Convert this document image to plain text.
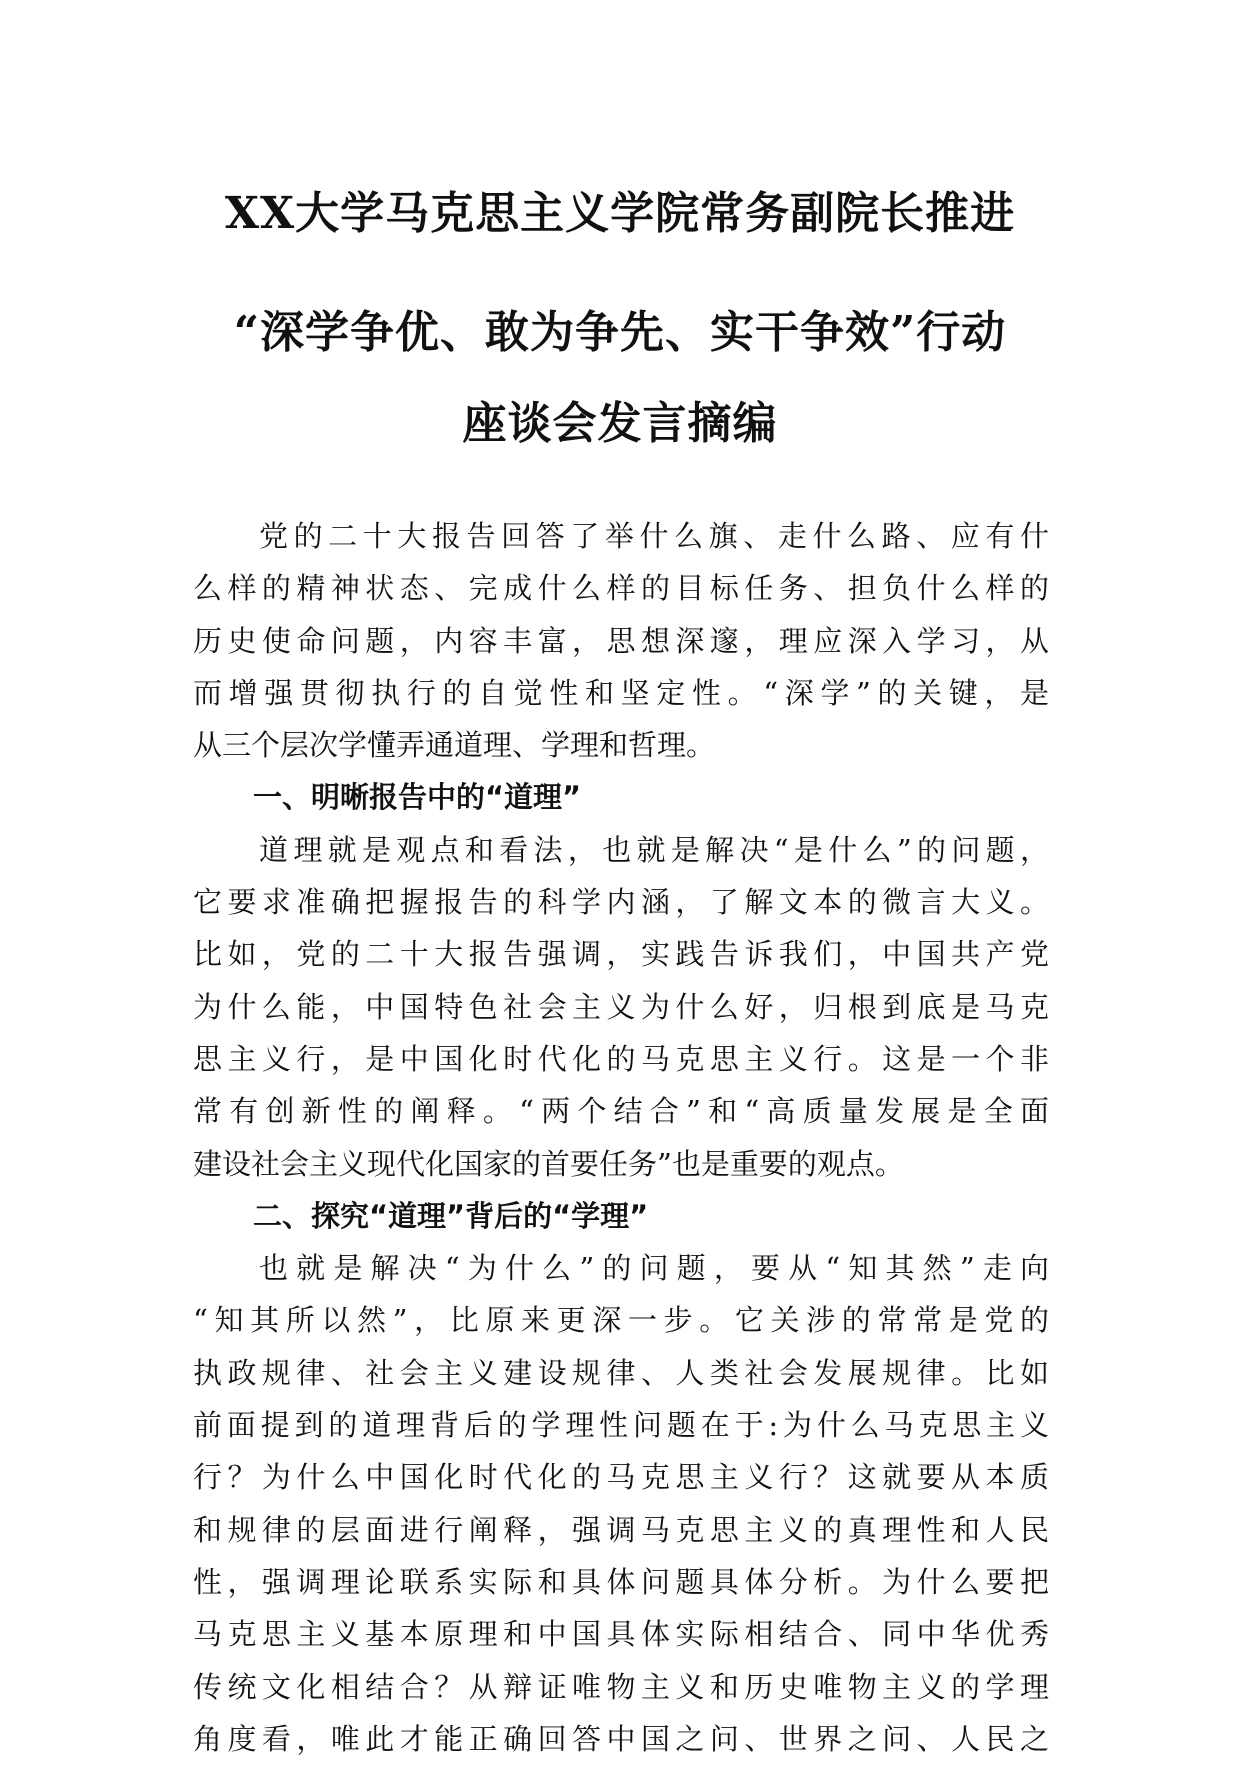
XX大学马克思主义学院常务副院长推进
“深学争优、敢为争先、实干争效”行动
座谈会发言摘编
党的二十大报告回答了举什么旗、走什么路、应有什
么样的精神状态、完成什么样的目标任务、担负什么样的
历史使命问题，内容丰富，思想深邃，理应深入学习，从
而增强贯彻执行的自觉性和坚定性。“深学”的关键，是
从三个层次学懂弄通道理、学理和哲理。
一、明晰报告中的“道理”
道理就是观点和看法，也就是解决“是什么”的问题，
它要求准确把握报告的科学内涵，了解文本的微言大义。
比如，党的二十大报告强调，实践告诉我们，中国共产党
为什么能，中国特色社会主义为什么好，归根到底是马克
思主义行，是中国化时代化的马克思主义行。这是一个非
常有创新性的阐释。“两个结合”和“高质量发展是全面
建设社会主义现代化国家的首要任务”也是重要的观点。
二、探究“道理”背后的“学理”
也就是解决“为什么”的问题，要从“知其然”走向
“知其所以然”，比原来更深一步。它关涉的常常是党的
执政规律、社会主义建设规律、人类社会发展规律。比如
前面提到的道理背后的学理性问题在于:为什么马克思主义
行？为什么中国化时代化的马克思主义行？这就要从本质
和规律的层面进行阐释，强调马克思主义的真理性和人民
性，强调理论联系实际和具体问题具体分析。为什么要把
马克思主义基本原理和中国具体实际相结合、同中华优秀
传统文化相结合？从辩证唯物主义和历史唯物主义的学理
角度看，唯此才能正确回答中国之问、世界之问、人民之
